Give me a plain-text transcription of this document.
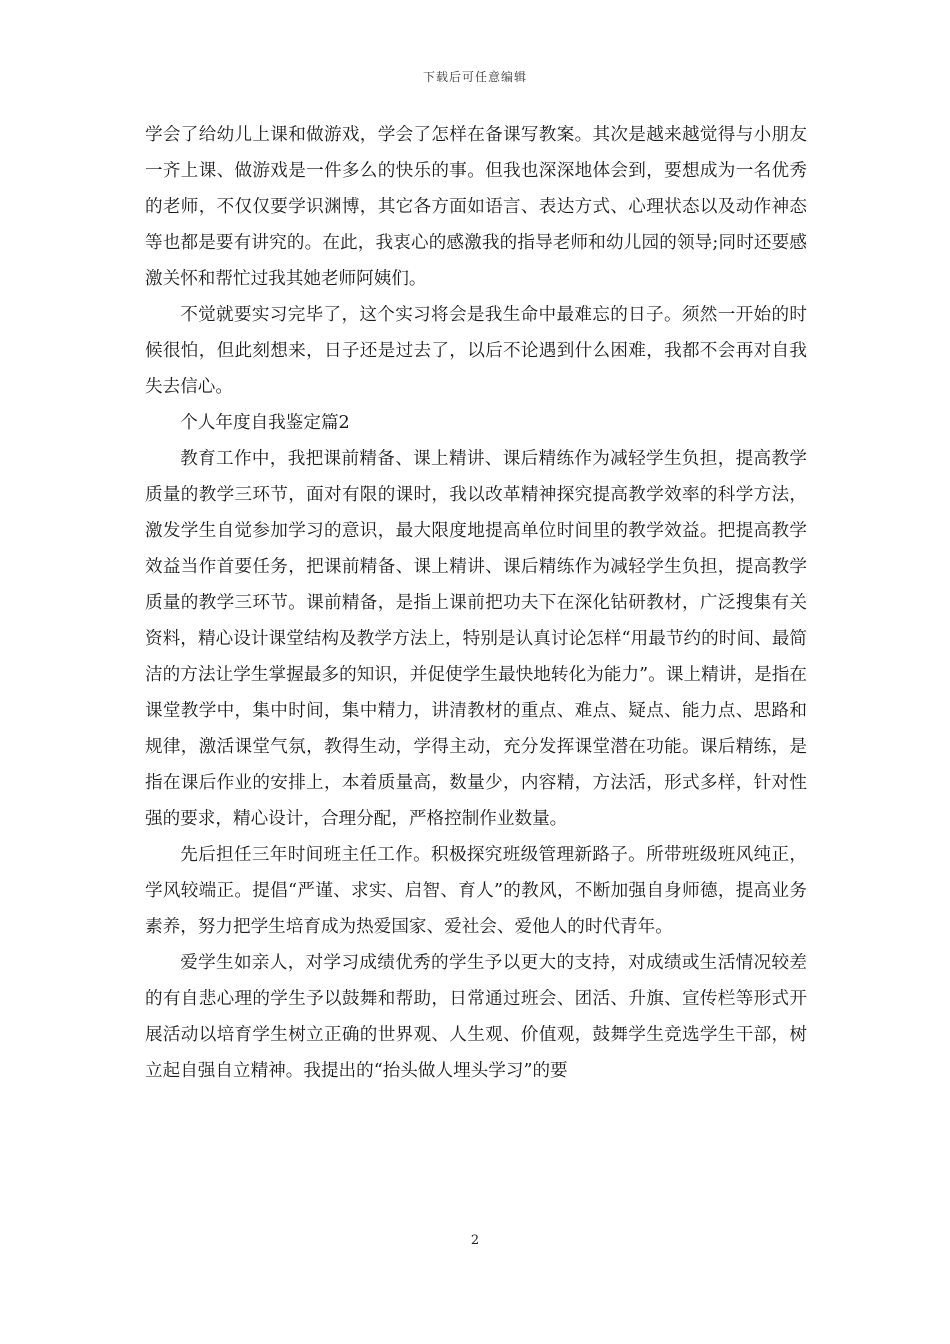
下载后可任意编辑

学会了给幼儿上课和做游戏，学会了怎样在备课写教案。其次是越来越觉得与小朋友一齐上课、做游戏是一件多么的快乐的事。但我也深深地体会到，要想成为一名优秀的老师，不仅仅要学识渊博，其它各方面如语言、表达方式、心理状态以及动作神态等也都是要有讲究的。在此，我衷心的感激我的指导老师和幼儿园的领导;同时还要感激关怀和帮忙过我其她老师阿姨们。

不觉就要实习完毕了，这个实习将会是我生命中最难忘的日子。须然一开始的时候很怕，但此刻想来，日子还是过去了，以后不论遇到什么困难，我都不会再对自我失去信心。

个人年度自我鉴定篇2

教育工作中，我把课前精备、课上精讲、课后精练作为减轻学生负担，提高教学质量的教学三环节，面对有限的课时，我以改革精神探究提高教学效率的科学方法，激发学生自觉参加学习的意识，最大限度地提高单位时间里的教学效益。把提高教学效益当作首要任务，把课前精备、课上精讲、课后精练作为减轻学生负担，提高教学质量的教学三环节。课前精备，是指上课前把功夫下在深化钻研教材，广泛搜集有关资料，精心设计课堂结构及教学方法上，特别是认真讨论怎样“用最节约的时间、最简洁的方法让学生掌握最多的知识，并促使学生最快地转化为能力”。课上精讲，是指在课堂教学中，集中时间，集中精力，讲清教材的重点、难点、疑点、能力点、思路和规律，激活课堂气氛，教得生动，学得主动，充分发挥课堂潜在功能。课后精练，是指在课后作业的安排上，本着质量高，数量少，内容精，方法活，形式多样，针对性强的要求，精心设计，合理分配，严格控制作业数量。

先后担任三年时间班主任工作。积极探究班级管理新路子。所带班级班风纯正，学风较端正。提倡“严谨、求实、启智、育人”的教风，不断加强自身师德，提高业务素养，努力把学生培育成为热爱国家、爱社会、爱他人的时代青年。

爱学生如亲人，对学习成绩优秀的学生予以更大的支持，对成绩或生活情况较差的有自悲心理的学生予以鼓舞和帮助，日常通过班会、团活、升旗、宣传栏等形式开展活动以培育学生树立正确的世界观、人生观、价值观，鼓舞学生竞选学生干部，树立起自强自立精神。我提出的“抬头做人埋头学习”的要

2
